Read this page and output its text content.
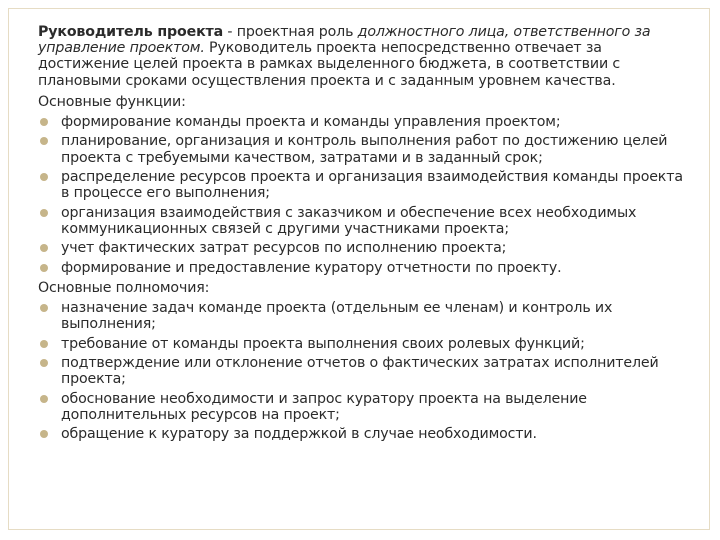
Руководитель проекта - проектная роль должностного лица, ответственного за управление проектом. Руководитель проекта непосредственно отвечает за достижение целей проекта в рамках выделенного бюджета, в соответствии с плановыми сроками осуществления проекта и с заданным уровнем качества.

Основные функции:
формирование команды проекта и команды управления проектом;
планирование, организация и контроль выполнения работ по достижению целей проекта с требуемыми качеством, затратами и в заданный срок;
распределение ресурсов проекта и организация взаимодействия команды проекта в процессе его выполнения;
организация взаимодействия с заказчиком и обеспечение всех необходимых коммуникационных связей с другими участниками проекта;
учет фактических затрат ресурсов по исполнению проекта;
формирование и предоставление куратору отчетности по проекту.
Основные полномочия:
назначение задач команде проекта (отдельным ее членам) и контроль их выполнения;
требование от команды проекта выполнения своих ролевых функций;
подтверждение или отклонение отчетов о фактических затратах исполнителей проекта;
обоснование необходимости и запрос куратору проекта на выделение дополнительных ресурсов на проект;
обращение к куратору за поддержкой в случае необходимости.
